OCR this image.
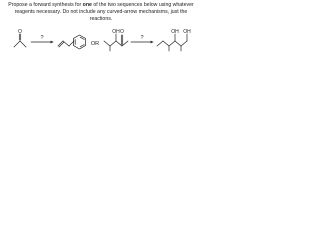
Propose a forward synthesis for one of the two sequences below using whatever reagents necessary. Do not include any curved-arrow mechanisms, just the reactions.

O
?
OR
OH O
?
OH OH
